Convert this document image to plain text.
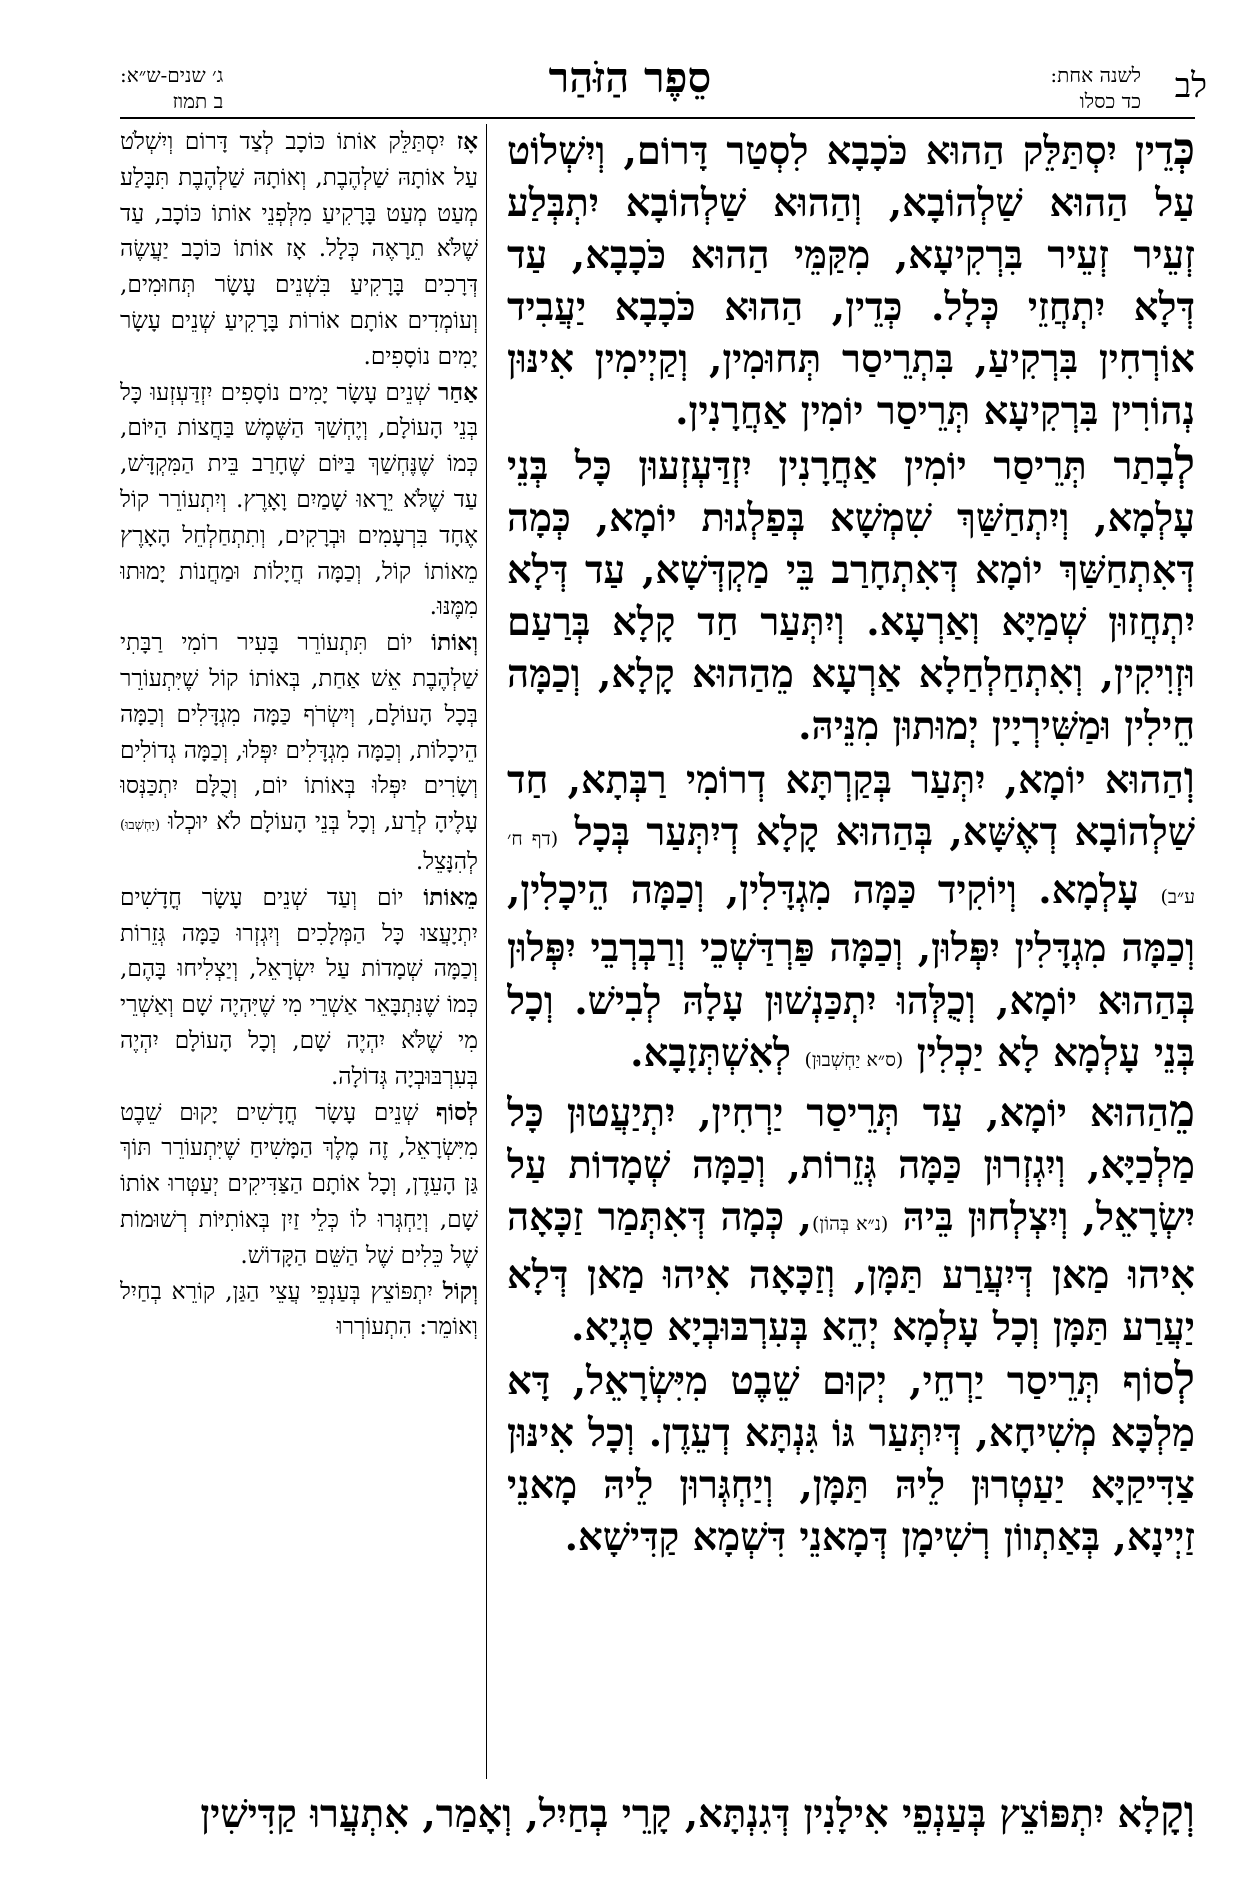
לב
לשנה אחת:
כד כסלו
סֵפֶר הַזֹּהַר
ג׳ שנים-ש״א:
ב תמוז

כְּדֵין יִסְתַּלֵּק הַהוּא כֹּכָבָא לִסְטַר דָּרוֹם, וְיִשְׁלוֹט עַל הַהוּא שַׁלְהוֹבָא, וְהַהוּא שַׁלְהוֹבָא יִתְבְּלַע זְעֵיר זְעֵיר בִּרְקִיעָא, מִקַּמֵּי הַהוּא כֹּכָבָא, עַד דְּלָא יִתְחֲזֵי כְּלָל. כְּדֵין, הַהוּא כֹּכָבָא יַעֲבִיד אוֹרְחִין בִּרְקִיעַ, בִּתְרֵיסַר תְּחוּמִין, וְקַיְימִין אִינּוּן נְהוֹרִין בִּרְקִיעָא תְּרֵיסַר יוֹמִין אַחֲרָנִין.

לְבָתַר תְּרֵיסַר יוֹמִין אַחֲרָנִין יִזְדַּעְזְעוּן כָּל בְּנֵי עָלְמָא, וְיִתְחַשַּׁךְ שִׁמְשָׁא בְּפַלְגוּת יוֹמָא, כְּמָה דְּאִתְחַשַּׁךְ יוֹמָא דְּאִתְחָרַב בֵּי מַקְדְּשָׁא, עַד דְּלָא יִתְחֲזוּן שְׁמַיָּא וְאַרְעָא. וְיִתְּעַר חַד קָלָא בְּרַעַם וּזְוִיקִין, וְאִתְחַלְחַלָא אַרְעָא מֵהַהוּא קָלָא, וְכַמָּה חֵילִין וּמַשִּׁירְיָין יְמוּתוּן מִנֵּיהּ.

וְהַהוּא יוֹמָא, יִתְּעַר בְּקַרְתָּא דְרוֹמִי רַבְּתָא, חַד שַׁלְהוֹבָא דְאֶשָּׁא, בְּהַהוּא קָלָא דְיִתְּעַר בְּכָל (דף ח׳ ע״ב) עָלְמָא. וְיוֹקִיד כַּמָּה מִגְדָּלִין, וְכַמָּה הֵיכָלִין, וְכַמָּה מִגְדָּלִין יִפְּלוּן, וְכַמָּה פַּרְדַּשְׁכֵי וְרַבְרְבֵי יִפְּלוּן בְּהַהוּא יוֹמָא, וְכֻלְּהוּ יִתְכַּנְשׁוּן עָלָהּ לְבִישׁ. וְכָל בְּנֵי עָלְמָא לָא יַכְלִין (ס״א יַחְשְׁבוּן) לְאִשְׁתְּזָבָא.

מֵהַהוּא יוֹמָא, עַד תְּרֵיסַר יַרְחִין, יִתְיַעֲטוּן כָּל מַלְכַיָּא, וְיִגְזְרוּן כַּמָּה גְּזֵרוֹת, וְכַמָּה שְׁמָדוֹת עַל יִשְׂרָאֵל, וְיִצְלְחוּן בֵּיהּ (נ״א בְּהוֹן), כְּמָה דְּאִתְּמַר זַכָּאָה אִיהוּ מַאן דְּיִעֲרַע תַּמָּן, וְזַכָּאָה אִיהוּ מַאן דְּלָא יַעֲרַע תַּמָּן וְכָל עָלְמָא יְהֵא בְּעִרְבּוּבְיָא סַגְיָא.

לְסוֹף תְּרֵיסַר יַרְחֵי, יְקוּם שֵׁבֶט מִיִּשְׂרָאֵל, דָּא מַלְכָּא מְשִׁיחָא, דְּיִתְּעַר גּוֹ גִּנְתָּא דְעֵדֶן. וְכָל אִינּוּן צַדִּיקַיָּא יַעַטְרוּן לֵיהּ תַּמָּן, וְיַחְגְּרוּן לֵיהּ מָאנֵי זַיְינָא, בְּאַתְווֹן רְשִׁימָן דְּמָאנֵי דִּשְׁמָא קַדִּישָׁא.

אָז יִסְתַּלֵּק אוֹתוֹ כּוֹכָב לְצַד דָּרוֹם וְיִשְׁלֹט עַל אוֹתָהּ שַׁלְהֶבֶת, וְאוֹתָהּ שַׁלְהֶבֶת תִּבָּלַע מְעַט מְעַט בָּרָקִיעַ מִלְּפְנֵי אוֹתוֹ כּוֹכָב, עַד שֶׁלֹּא תֵרָאֶה כְּלָל. אָז אוֹתוֹ כּוֹכָב יַעֲשֶׂה דְּרָכִים בָּרָקִיעַ בִּשְׁנֵים עָשָׂר תְּחוּמִים, וְעוֹמְדִים אוֹתָם אוֹרוֹת בָּרָקִיעַ שְׁנֵים עָשָׂר יָמִים נוֹסָפִים.

אַחַר שְׁנֵים עָשָׂר יָמִים נוֹסָפִים יִזְדַּעְזְעוּ כָּל בְּנֵי הָעוֹלָם, וְיֶחְשַׁךְ הַשֶּׁמֶשׁ בַּחֲצוֹת הַיּוֹם, כְּמוֹ שֶׁנֶּחְשַׁךְ בַּיּוֹם שֶׁחָרַב בֵּית הַמִּקְדָּשׁ, עַד שֶׁלֹּא יֵרָאוּ שָׁמַיִם וָאָרֶץ. וְיִתְעוֹרֵר קוֹל אֶחָד בִּרְעָמִים וּבְרָקִים, וְתִתְחַלְחֵל הָאָרֶץ מֵאוֹתוֹ קוֹל, וְכַמָּה חֲיָלוֹת וּמַחֲנוֹת יָמוּתוּ מִמֶּנּוּ.

וְאוֹתוֹ יוֹם תִּתְעוֹרֵר בָּעִיר רוֹמִי רַבָּתִי שַׁלְהֶבֶת אֵשׁ אַחַת, בְּאוֹתוֹ קוֹל שֶׁיִּתְעוֹרֵר בְּכָל הָעוֹלָם, וְיִשְׂרֹף כַּמָּה מִגְדָּלִים וְכַמָּה הֵיכָלוֹת, וְכַמָּה מִגְדָּלִים יִפְּלוּ, וְכַמָּה גְדוֹלִים וְשָׂרִים יִפְּלוּ בְּאוֹתוֹ יוֹם, וְכֻלָּם יִתְכַּנְּסוּ עָלֶיהָ לְרַע, וְכָל בְּנֵי הָעוֹלָם לֹא יוּכְלוּ (יַחְשְׁבוּ) לְהִנָּצֵל.

מֵאוֹתוֹ יוֹם וְעַד שְׁנֵים עָשָׂר חֳדָשִׁים יִתְיָעֲצוּ כָּל הַמְּלָכִים וְיִגְזְרוּ כַּמָּה גְּזֵרוֹת וְכַמָּה שְׁמָדוֹת עַל יִשְׂרָאֵל, וְיַצְלִיחוּ בָּהֶם, כְּמוֹ שֶׁנִּתְבָּאֵר אַשְׁרֵי מִי שֶׁיִּהְיֶה שָׁם וְאַשְׁרֵי מִי שֶׁלֹּא יִהְיֶה שָׁם, וְכָל הָעוֹלָם יִהְיֶה בְּעִרְבּוּבְיָה גְּדוֹלָה.

לְסוֹף שְׁנֵים עָשָׂר חֳדָשִׁים יָקוּם שֵׁבֶט מִיִּשְׂרָאֵל, זֶה מֶלֶךְ הַמָּשִׁיחַ שֶׁיִּתְעוֹרֵר תּוֹךְ גַּן הָעֵדֶן, וְכָל אוֹתָם הַצַּדִּיקִים יְעַטְּרוּ אוֹתוֹ שָׁם, וְיַחְגְּרוּ לוֹ כְּלֵי זַיִן בְּאוֹתִיּוֹת רְשׁוּמוֹת שֶׁל כֵּלִים שֶׁל הַשֵּׁם הַקָּדוֹשׁ.

וְקוֹל יִתְפּוֹצֵץ בְּעַנְפֵי עֲצֵי הַגַּן, קוֹרֵא בְחַיִל וְאוֹמֵר: הִתְעוֹרְרוּ

וְקָלָא יִתְפּוֹצֵץ בְּעַנְפֵי אִילָנִין דְּגִנְתָּא, קָרֵי בְחַיִל, וְאָמַר, אִתְעֲרוּ קַדִּישִׁין
